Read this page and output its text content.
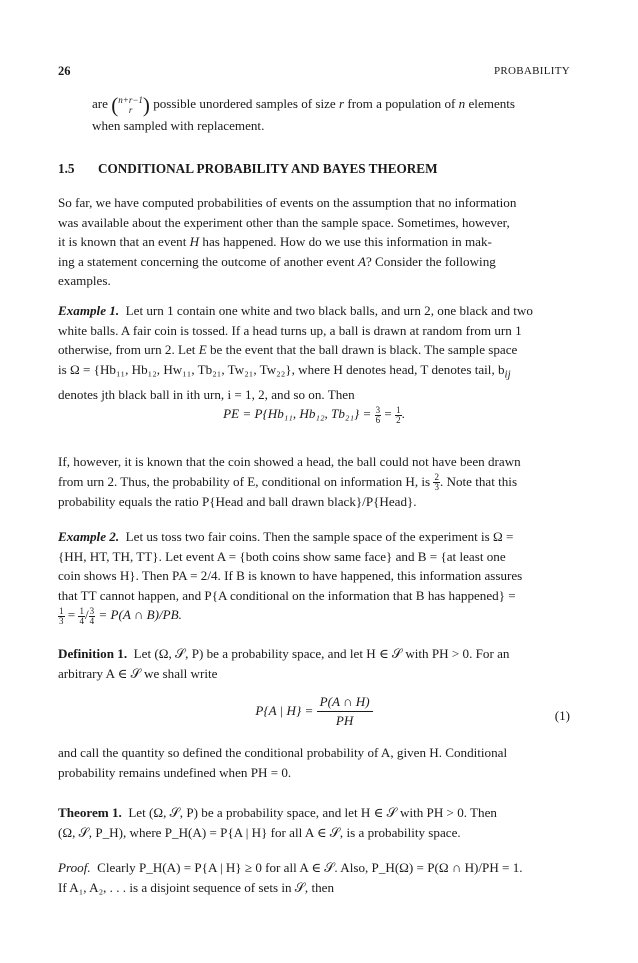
26	PROBABILITY

are (n+r−1
r ) possible unordered samples of size r from a population of n elements
when sampled with replacement.

1.5 CONDITIONAL PROBABILITY AND BAYES THEOREM

So far, we have computed probabilities of events on the assumption that no information
was available about the experiment other than the sample space. Sometimes, however,
it is known that an event H has happened. How do we use this information in mak-
ing a statement concerning the outcome of another event A? Consider the following
examples.

Example 1. Let urn 1 contain one white and two black balls, and urn 2, one black and two
white balls. A fair coin is tossed. If a head turns up, a ball is drawn at random from urn 1
otherwise, from urn 2. Let E be the event that the ball drawn is black. The sample space
is Ω = {Hb₁₁, Hb₁₂, Hw₁₁, Tb₂₁, Tw₂₁, Tw₂₂}, where H denotes head, T denotes tail, $b_{ij}$
denotes jth black ball in ith urn, i = 1, 2, and so on. Then

PE = P{Hb₁₁, Hb₁₂, $Tb_{21}\} = \frac{3}{6} = \frac{1}{2}$ .

If, however, it is known that the coin showed a head, the ball could not have been drawn
from urn 2. Thus, the probability of E, conditional on information H, is $\frac{2}{3}$ . Note that this
probability equals the ratio P{Head and ball drawn black}/P{Head}.

Example 2. Let us toss two fair coins. Then the sample space of the experiment is Ω =
{HH, HT, TH, TT}. Let event A = {both coins show same face} and B = {at least one
coin shows H}. Then PA = 2/4. If B is known to have happened, this information assures
that TT cannot happen, and P{A conditional on the information that B has happened} =

$\frac{1}{3} = \frac{1}{4} / \frac{3}{4} = P(A$ ∩ B)/PB.

Definition 1. Let (Ω, 𝒮, P) be a probability space, and let H ∈ 𝒮 with PH > 0. For an
arbitrary A ∈ 𝒮 we shall write

P{A | $H\} = \frac{P(A \cap H)}{PH}$	(1)

and call the quantity so defined the conditional probability of A, given H. Conditional
probability remains undefined when PH = 0.

Theorem 1. Let (Ω, 𝒮, P) be a probability space, and let H ∈ 𝒮 with PH > 0. Then
(Ω, 𝒮, P_H), where P_H(A) = P{A | H} for all A ∈ 𝒮, is a probability space.

Proof. Clearly P_H(A) = P{A | H} ≥ 0 for all A ∈ 𝒮. Also, P_H(Ω) = P(Ω ∩ H)/PH = 1.
If A₁, A₂, . . . is a disjoint sequence of sets in 𝒮, then
